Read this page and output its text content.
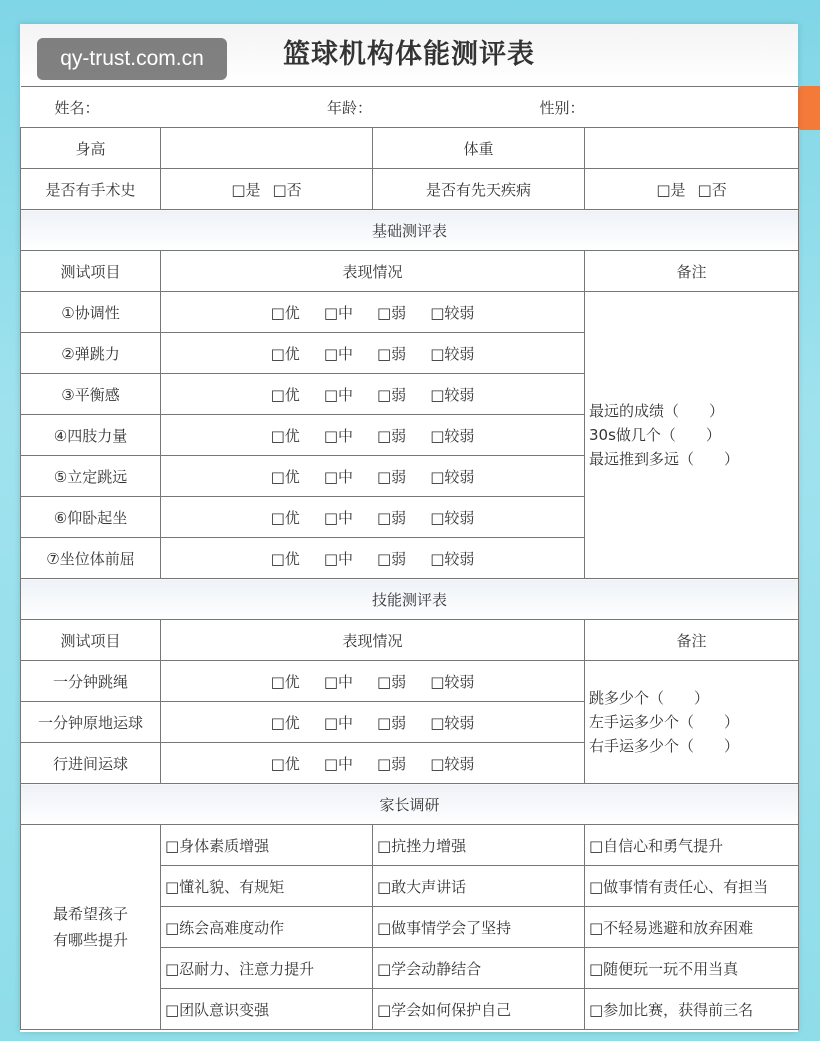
qy-trust.com.cn	篮球机构体能测评表
姓名： 年龄： 性别：			

身高		体重	
是否有手术史	□是 □否	是否有先天疾病	□是 □否
基础测评表			
测试项目	表现情况		备注
①协调性	□优 □中 □弱 □较弱		最远的成绩（　　）
30s做几个（　　）
最远推到多远（　　）

②弹跳力	□优 □中 □弱 □较弱		
③平衡感	□优 □中 □弱 □较弱		
④四肢力量	□优 □中 □弱 □较弱		
⑤立定跳远	□优 □中 □弱 □较弱		
⑥仰卧起坐	□优 □中 □弱 □较弱		
⑦坐位体前屈	□优 □中 □弱 □较弱		
技能测评表			
测试项目	表现情况		备注
一分钟跳绳	□优 □中 □弱 □较弱		跳多少个（　　）
左手运多少个（　　）
右手运多少个（　　）

一分钟原地运球	□优 □中 □弱 □较弱		
行进间运球	□优 □中 □弱 □较弱		
家长调研			

最希望孩子
有哪些提升	□身体素质增强	□抗挫力增强	□自信心和勇气提升
	□懂礼貌、有规矩	□敢大声讲话	□做事情有责任心、有担当
	□练会高难度动作	□做事情学会了坚持	□不轻易逃避和放弃困难
	□忍耐力、注意力提升	□学会动静结合	□随便玩一玩不用当真
	□团队意识变强	□学会如何保护自己	□参加比赛，获得前三名
